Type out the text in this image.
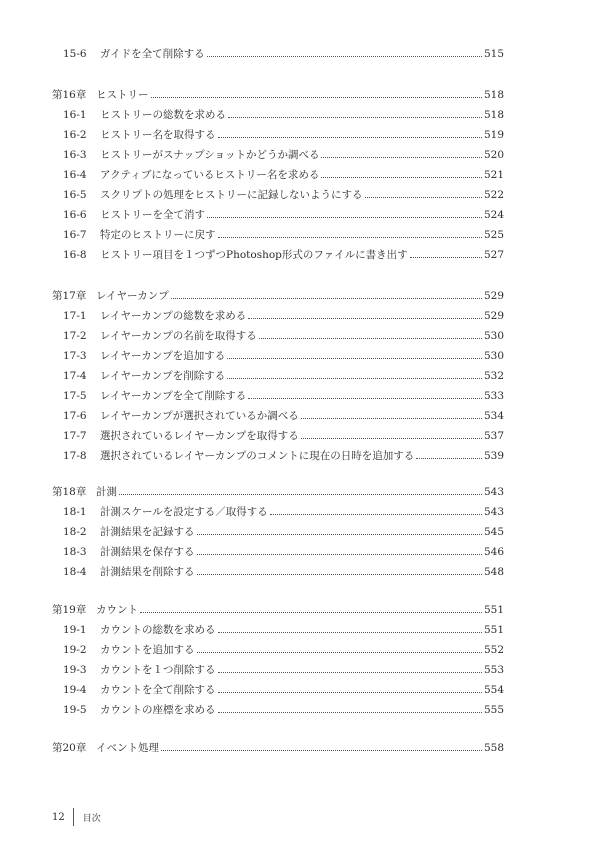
15-6	ガイドを全て削除する	515
第16章 ヒストリー	518
16-1	ヒストリーの総数を求める	518
16-2	ヒストリー名を取得する	519
16-3	ヒストリーがスナップショットかどうか調べる	520
16-4	アクティブになっているヒストリー名を求める	521
16-5	スクリプトの処理をヒストリーに記録しないようにする	522
16-6	ヒストリーを全て消す	524
16-7	特定のヒストリーに戻す	525
16-8	ヒストリー項目を１つずつPhotoshop形式のファイルに書き出す	527
第17章 レイヤーカンプ	529
17-1	レイヤーカンプの総数を求める	529
17-2	レイヤーカンプの名前を取得する	530
17-3	レイヤーカンプを追加する	530
17-4	レイヤーカンプを削除する	532
17-5	レイヤーカンプを全て削除する	533
17-6	レイヤーカンプが選択されているか調べる	534
17-7	選択されているレイヤーカンプを取得する	537
17-8	選択されているレイヤーカンプのコメントに現在の日時を追加する	539
第18章 計測	543
18-1	計測スケールを設定する／取得する	543
18-2	計測結果を記録する	545
18-3	計測結果を保存する	546
18-4	計測結果を削除する	548
第19章 カウント	551
19-1	カウントの総数を求める	551
19-2	カウントを追加する	552
19-3	カウントを１つ削除する	553
19-4	カウントを全て削除する	554
19-5	カウントの座標を求める	555
第20章 イベント処理	558
12 目次
